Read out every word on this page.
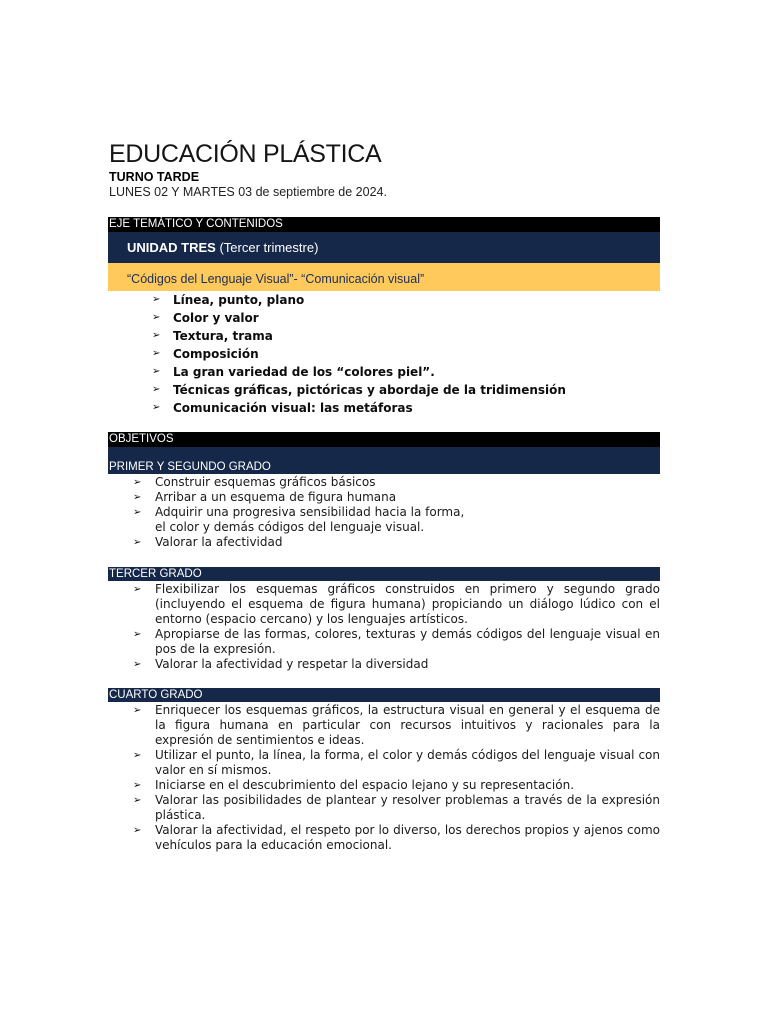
EDUCACIÓN PLÁSTICA
TURNO TARDE
LUNES 02 Y MARTES 03 de septiembre de 2024.
EJE TEMÁTICO Y CONTENIDOS
UNIDAD TRES (Tercer trimestre)
“Códigos del Lenguaje Visual”- “Comunicación visual”
➢ Línea, punto, plano
➢ Color y valor
➢ Textura, trama
➢ Composición
➢ La gran variedad de los “colores piel”.
➢ Técnicas gráficas, pictóricas y abordaje de la tridimensión
➢ Comunicación visual: las metáforas
OBJETIVOS
PRIMER Y SEGUNDO GRADO
➢ Construir esquemas gráficos básicos
➢ Arribar a un esquema de figura humana
➢ Adquirir una progresiva sensibilidad hacia la forma,
el color y demás códigos del lenguaje visual.
➢ Valorar la afectividad
TERCER GRADO
➢ Flexibilizar los esquemas gráficos construidos en primero y segundo grado (incluyendo el esquema de figura humana) propiciando un diálogo lúdico con el entorno (espacio cercano) y los lenguajes artísticos.
➢ Apropiarse de las formas, colores, texturas y demás códigos del lenguaje visual en pos de la expresión.
➢ Valorar la afectividad y respetar la diversidad
CUARTO GRADO
➢ Enriquecer los esquemas gráficos, la estructura visual en general y el esquema de la figura humana en particular con recursos intuitivos y racionales para la expresión de sentimientos e ideas.
➢ Utilizar el punto, la línea, la forma, el color y demás códigos del lenguaje visual con valor en sí mismos.
➢ Iniciarse en el descubrimiento del espacio lejano y su representación.
➢ Valorar las posibilidades de plantear y resolver problemas a través de la expresión plástica.
➢ Valorar la afectividad, el respeto por lo diverso, los derechos propios y ajenos como vehículos para la educación emocional.
